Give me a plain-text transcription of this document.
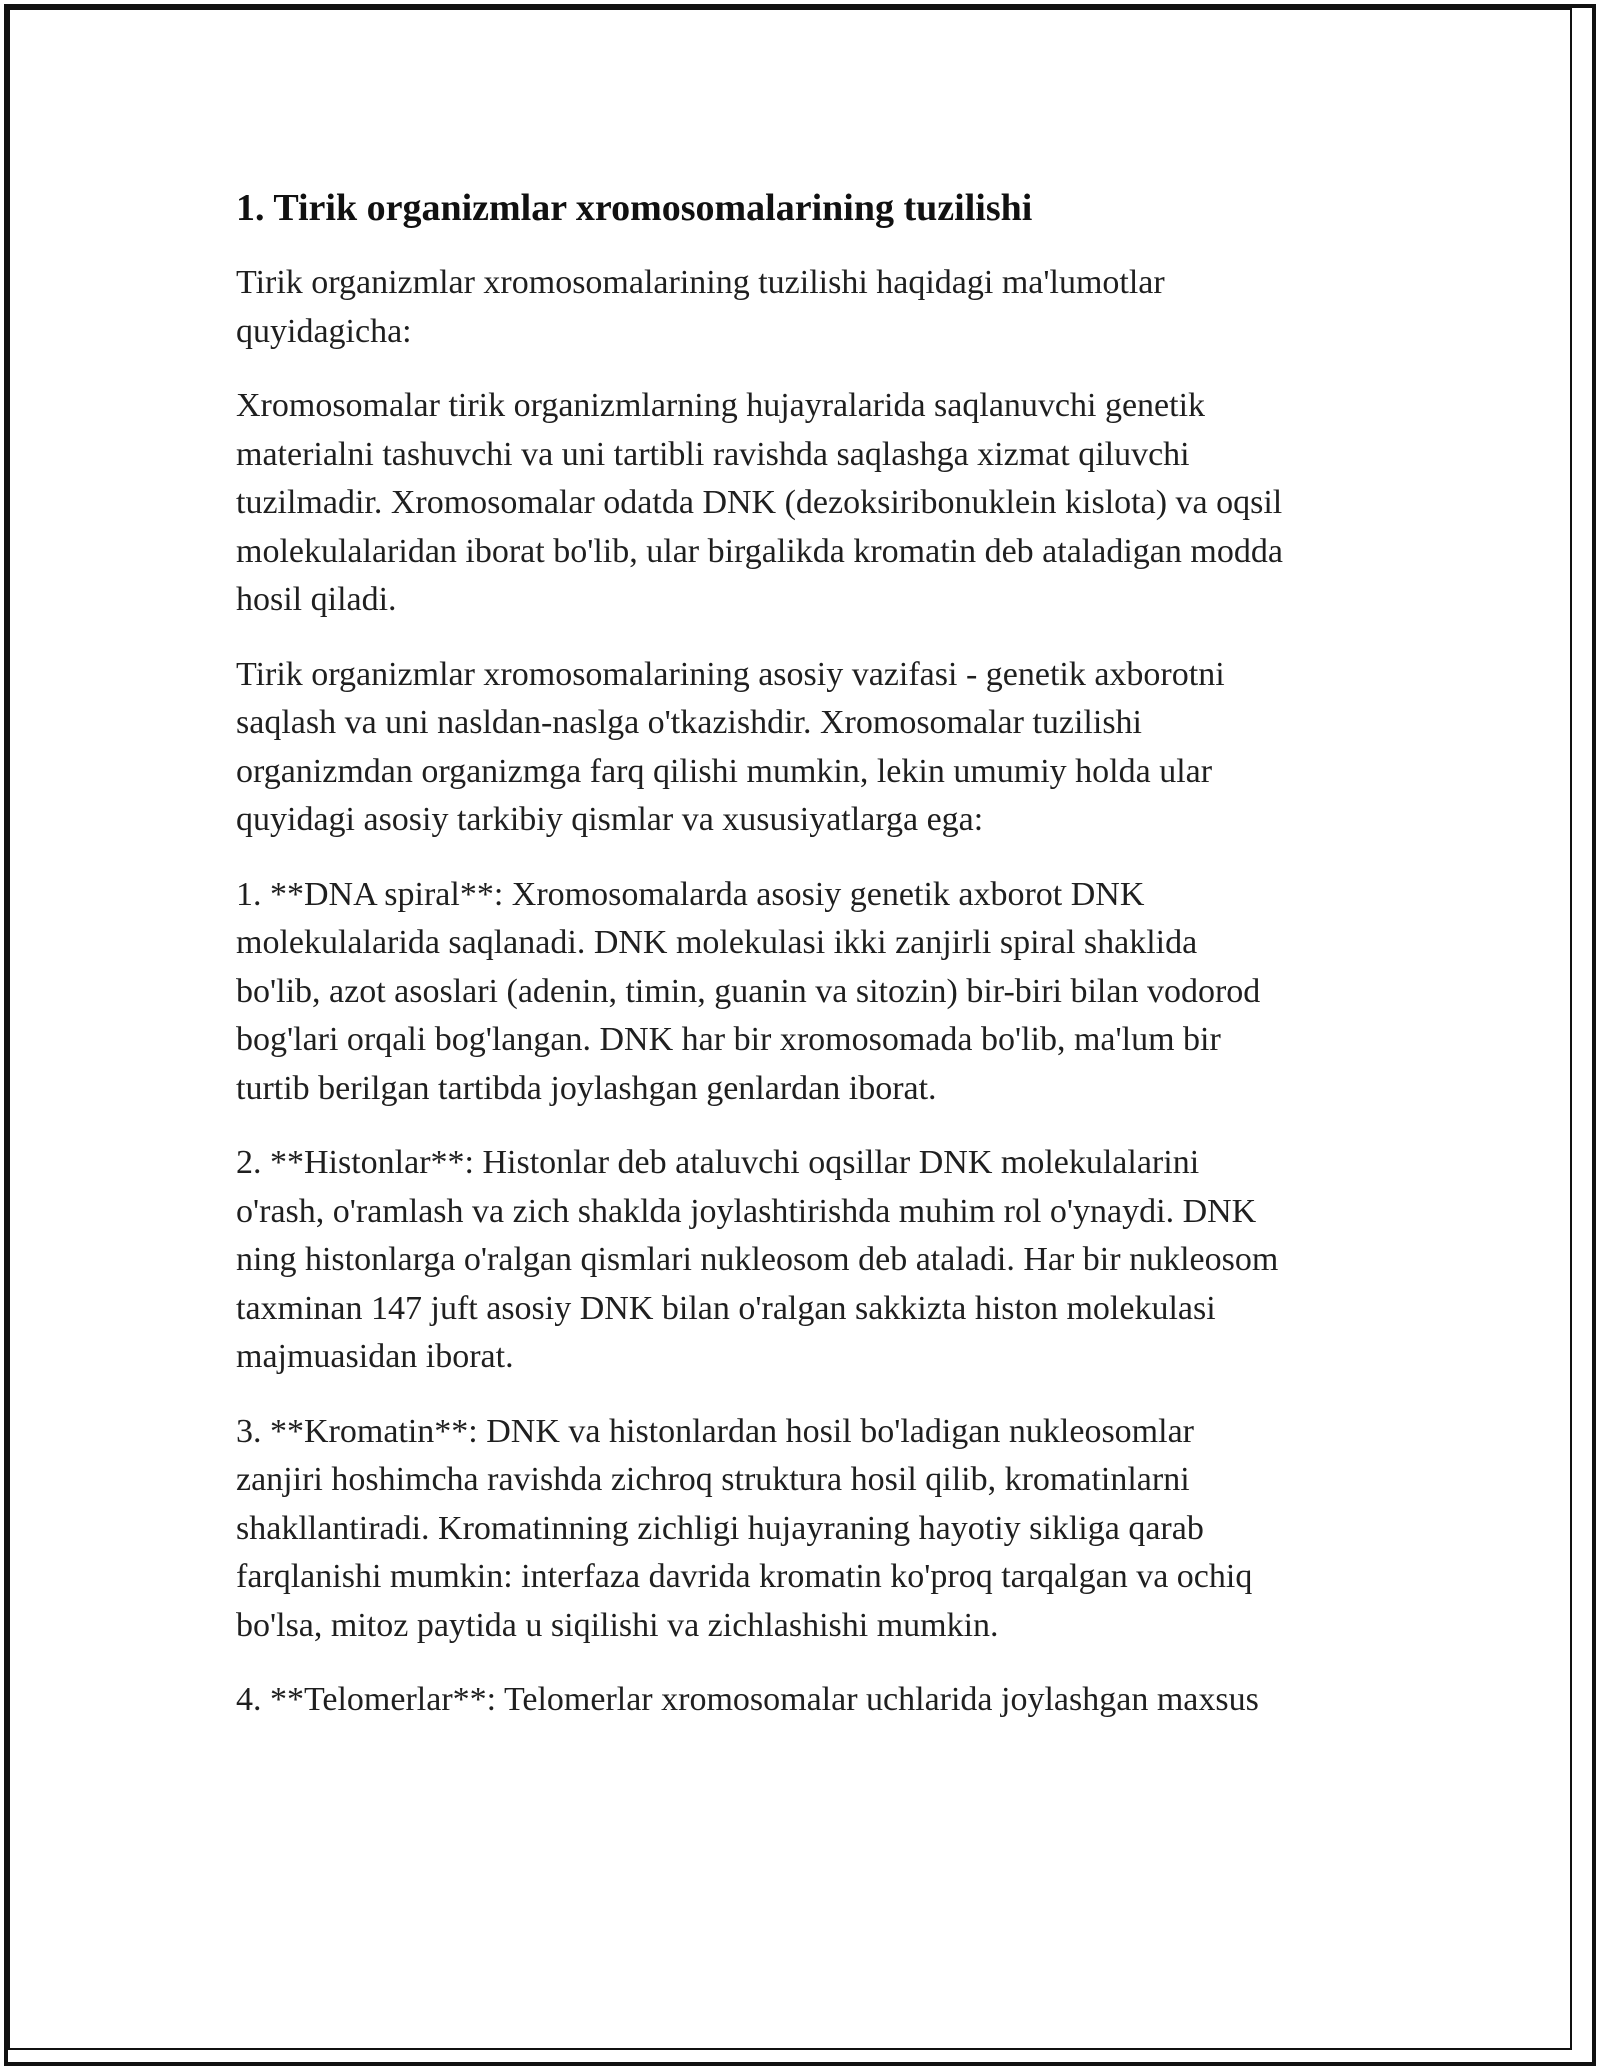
1. Tirik organizmlar xromosomalarining tuzilishi

Tirik organizmlar xromosomalarining tuzilishi haqidagi ma'lumotlar
quyidagicha:

Xromosomalar tirik organizmlarning hujayralarida saqlanuvchi genetik
materialni tashuvchi va uni tartibli ravishda saqlashga xizmat qiluvchi
tuzilmadir. Xromosomalar odatda DNK (dezoksiribonuklein kislota) va oqsil
molekulalaridan iborat bo'lib, ular birgalikda kromatin deb ataladigan modda
hosil qiladi.

Tirik organizmlar xromosomalarining asosiy vazifasi - genetik axborotni
saqlash va uni nasldan-naslga o'tkazishdir. Xromosomalar tuzilishi
organizmdan organizmga farq qilishi mumkin, lekin umumiy holda ular
quyidagi asosiy tarkibiy qismlar va xususiyatlarga ega:

1. **DNA spiral**: Xromosomalarda asosiy genetik axborot DNK
molekulalarida saqlanadi. DNK molekulasi ikki zanjirli spiral shaklida
bo'lib, azot asoslari (adenin, timin, guanin va sitozin) bir-biri bilan vodorod
bog'lari orqali bog'langan. DNK har bir xromosomada bo'lib, ma'lum bir
turtib berilgan tartibda joylashgan genlardan iborat.

2. **Histonlar**: Histonlar deb ataluvchi oqsillar DNK molekulalarini
o'rash, o'ramlash va zich shaklda joylashtirishda muhim rol o'ynaydi. DNK
ning histonlarga o'ralgan qismlari nukleosom deb ataladi. Har bir nukleosom
taxminan 147 juft asosiy DNK bilan o'ralgan sakkizta histon molekulasi
majmuasidan iborat.

3. **Kromatin**: DNK va histonlardan hosil bo'ladigan nukleosomlar
zanjiri hoshimcha ravishda zichroq struktura hosil qilib, kromatinlarni
shakllantiradi. Kromatinning zichligi hujayraning hayotiy sikliga qarab
farqlanishi mumkin: interfaza davrida kromatin ko'proq tarqalgan va ochiq
bo'lsa, mitoz paytida u siqilishi va zichlashishi mumkin.

4. **Telomerlar**: Telomerlar xromosomalar uchlarida joylashgan maxsus
